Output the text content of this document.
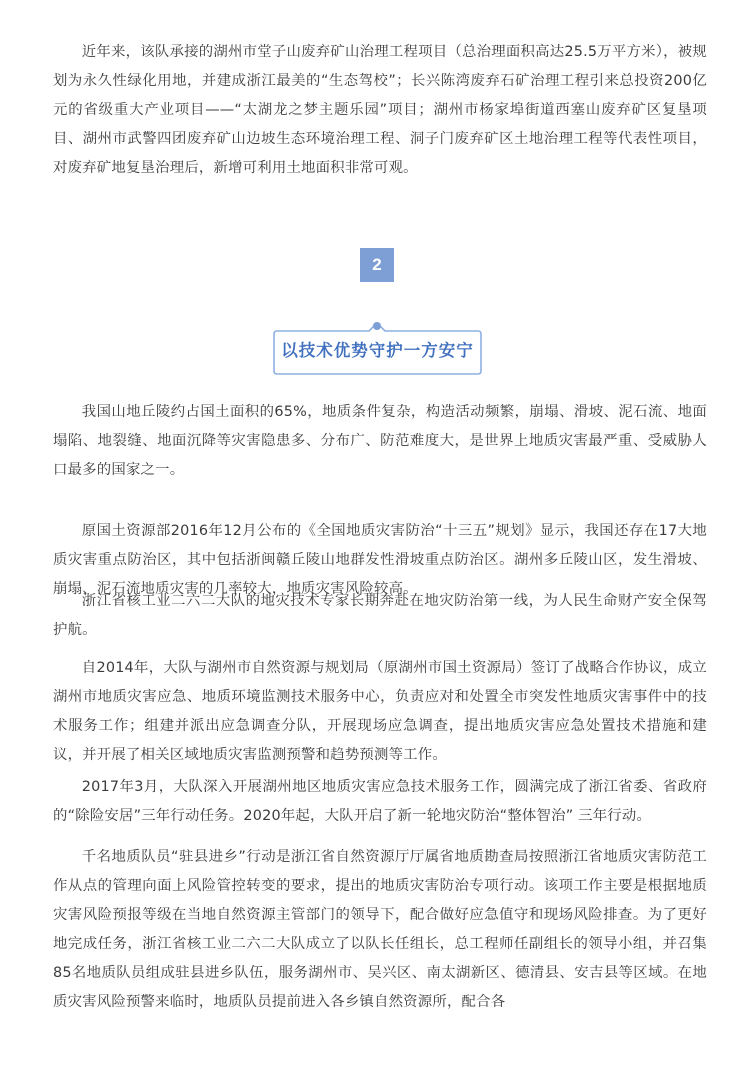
近年来，该队承接的湖州市堂子山废弃矿山治理工程项目（总治理面积高达25.5万平方米），被规划为永久性绿化用地，并建成浙江最美的“生态驾校”；长兴陈湾废弃石矿治理工程引来总投资200亿元的省级重大产业项目——“太湖龙之梦主题乐园”项目；湖州市杨家埠街道西塞山废弃矿区复垦项目、湖州市武警四团废弃矿山边坡生态环境治理工程、洞子门废弃矿区土地治理工程等代表性项目，对废弃矿地复垦治理后，新增可利用土地面积非常可观。

2
以技术优势守护一方安宁

我国山地丘陵约占国土面积的65%，地质条件复杂，构造活动频繁，崩塌、滑坡、泥石流、地面塌陷、地裂缝、地面沉降等灾害隐患多、分布广、防范难度大，是世界上地质灾害最严重、受威胁人口最多的国家之一。

原国土资源部2016年12月公布的《全国地质灾害防治“十三五”规划》显示，我国还存在17大地质灾害重点防治区，其中包括浙闽赣丘陵山地群发性滑坡重点防治区。湖州多丘陵山区，发生滑坡、崩塌、泥石流地质灾害的几率较大，地质灾害风险较高。

浙江省核工业二六二大队的地灾技术专家长期奔赴在地灾防治第一线，为人民生命财产安全保驾护航。

自2014年，大队与湖州市自然资源与规划局（原湖州市国土资源局）签订了战略合作协议，成立湖州市地质灾害应急、地质环境监测技术服务中心，负责应对和处置全市突发性地质灾害事件中的技术服务工作；组建并派出应急调查分队，开展现场应急调查，提出地质灾害应急处置技术措施和建议，并开展了相关区域地质灾害监测预警和趋势预测等工作。

2017年3月，大队深入开展湖州地区地质灾害应急技术服务工作，圆满完成了浙江省委、省政府的“除险安居”三年行动任务。2020年起，大队开启了新一轮地灾防治“整体智治” 三年行动。

千名地质队员“驻县进乡”行动是浙江省自然资源厅厅属省地质勘查局按照浙江省地质灾害防范工作从点的管理向面上风险管控转变的要求，提出的地质灾害防治专项行动。该项工作主要是根据地质灾害风险预报等级在当地自然资源主管部门的领导下，配合做好应急值守和现场风险排查。为了更好地完成任务，浙江省核工业二六二大队成立了以队长任组长，总工程师任副组长的领导小组，并召集85名地质队员组成驻县进乡队伍，服务湖州市、吴兴区、南太湖新区、德清县、安吉县等区域。在地质灾害风险预警来临时，地质队员提前进入各乡镇自然资源所，配合各
